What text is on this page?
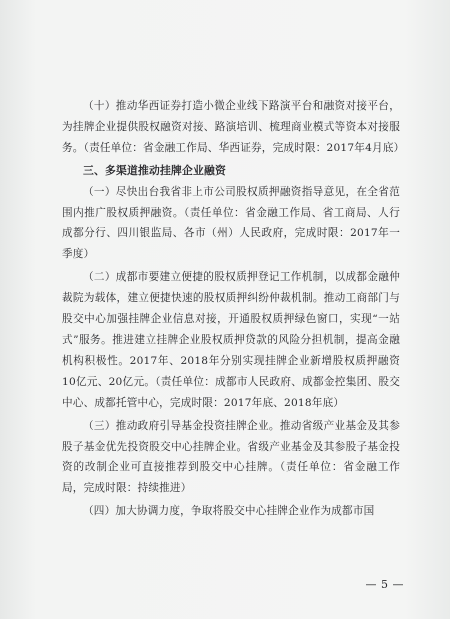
（十）推动华西证券打造小微企业线下路演平台和融资对接平台，为挂牌企业提供股权融资对接、路演培训、梳理商业模式等资本对接服务。（责任单位：省金融工作局、华西证券，完成时限：2017年4月底）

三、多渠道推动挂牌企业融资

（一）尽快出台我省非上市公司股权质押融资指导意见，在全省范围内推广股权质押融资。（责任单位：省金融工作局、省工商局、人行成都分行、四川银监局、各市（州）人民政府，完成时限：2017年一季度）

（二）成都市要建立便捷的股权质押登记工作机制，以成都金融仲裁院为载体，建立便捷快速的股权质押纠纷仲裁机制。推动工商部门与股交中心加强挂牌企业信息对接，开通股权质押绿色窗口，实现“一站式”服务。推进建立挂牌企业股权质押贷款的风险分担机制，提高金融机构积极性。2017年、2018年分别实现挂牌企业新增股权质押融资10亿元、20亿元。（责任单位：成都市人民政府、成都金控集团、股交中心、成都托管中心，完成时限：2017年底、2018年底）

（三）推动政府引导基金投资挂牌企业。推动省级产业基金及其参股子基金优先投资股交中心挂牌企业。省级产业基金及其参股子基金投资的改制企业可直接推荐到股交中心挂牌。（责任单位：省金融工作局，完成时限：持续推进）

（四）加大协调力度，争取将股交中心挂牌企业作为成都市国

— 5 —
